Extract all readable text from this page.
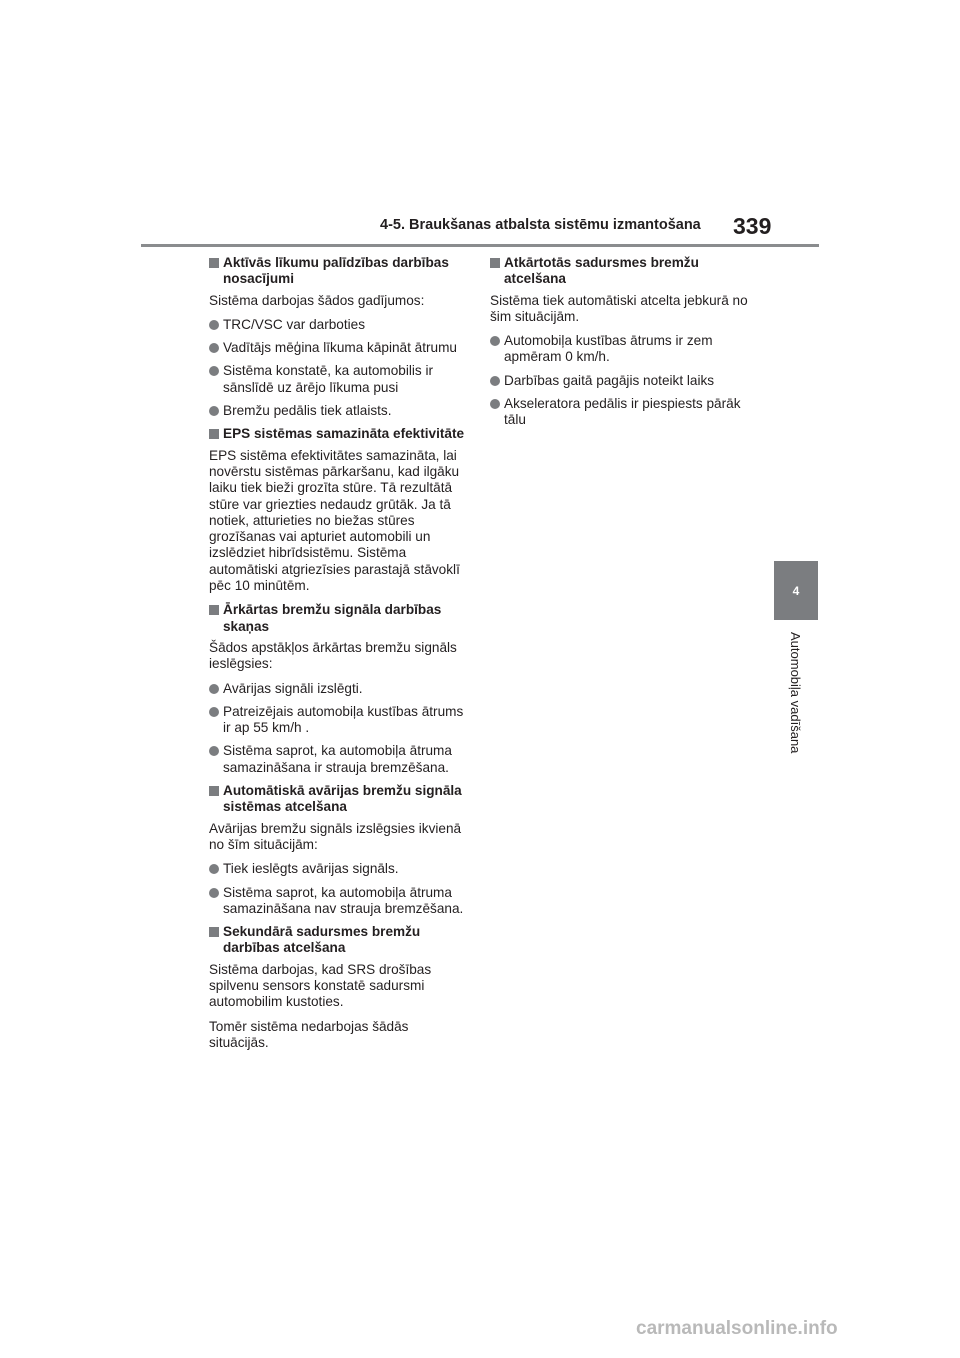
4-5. Braukšanas atbalsta sistēmu izmantošana 339
4
Automobiļa vadīšana
Aktīvās līkumu palīdzības darbības nosacījumi
Sistēma darbojas šādos gadījumos:
TRC/VSC var darboties
Vadītājs mēģina līkuma kāpināt ātrumu
Sistēma konstatē, ka automobilis ir sānslīdē uz ārējo līkuma pusi
Bremžu pedālis tiek atlaists.
EPS sistēmas samazināta efektivitāte
EPS sistēma efektivitātes samazināta, lai novērstu sistēmas pārkaršanu, kad ilgāku laiku tiek bieži grozīta stūre. Tā rezultātā stūre var griezties nedaudz grūtāk. Ja tā notiek, atturieties no biežas stūres grozīšanas vai apturiet automobili un izslēdziet hibrīdsistēmu. Sistēma automātiski atgriezīsies parastajā stāvoklī pēc 10 minūtēm.
Ārkārtas bremžu signāla darbības skaņas
Šādos apstākļos ārkārtas bremžu signāls ieslēgsies:
Avārijas signāli izslēgti.
Patreizējais automobiļa kustības ātrums ir ap 55 km/h .
Sistēma saprot, ka automobiļa ātruma samazināšana ir strauja bremzēšana.
Automātiskā avārijas bremžu signāla sistēmas atcelšana
Avārijas bremžu signāls izslēgsies ikvienā no šīm situācijām:
Tiek ieslēgts avārijas signāls.
Sistēma saprot, ka automobiļa ātruma samazināšana nav strauja bremzēšana.
Sekundārā sadursmes bremžu darbības atcelšana
Sistēma darbojas, kad SRS drošības spilvenu sensors konstatē sadursmi automobilim kustoties.
Tomēr sistēma nedarbojas šādās situācijās.
Atkārtotās sadursmes bremžu atcelšana
Sistēma tiek automātiski atcelta jebkurā no šim situācijām.
Automobiļa kustības ātrums ir zem apmēram 0 km/h.
Darbības gaitā pagājis noteikt laiks
Akseleratora pedālis ir piespiests pārāk tālu
carmanualsonline.info
